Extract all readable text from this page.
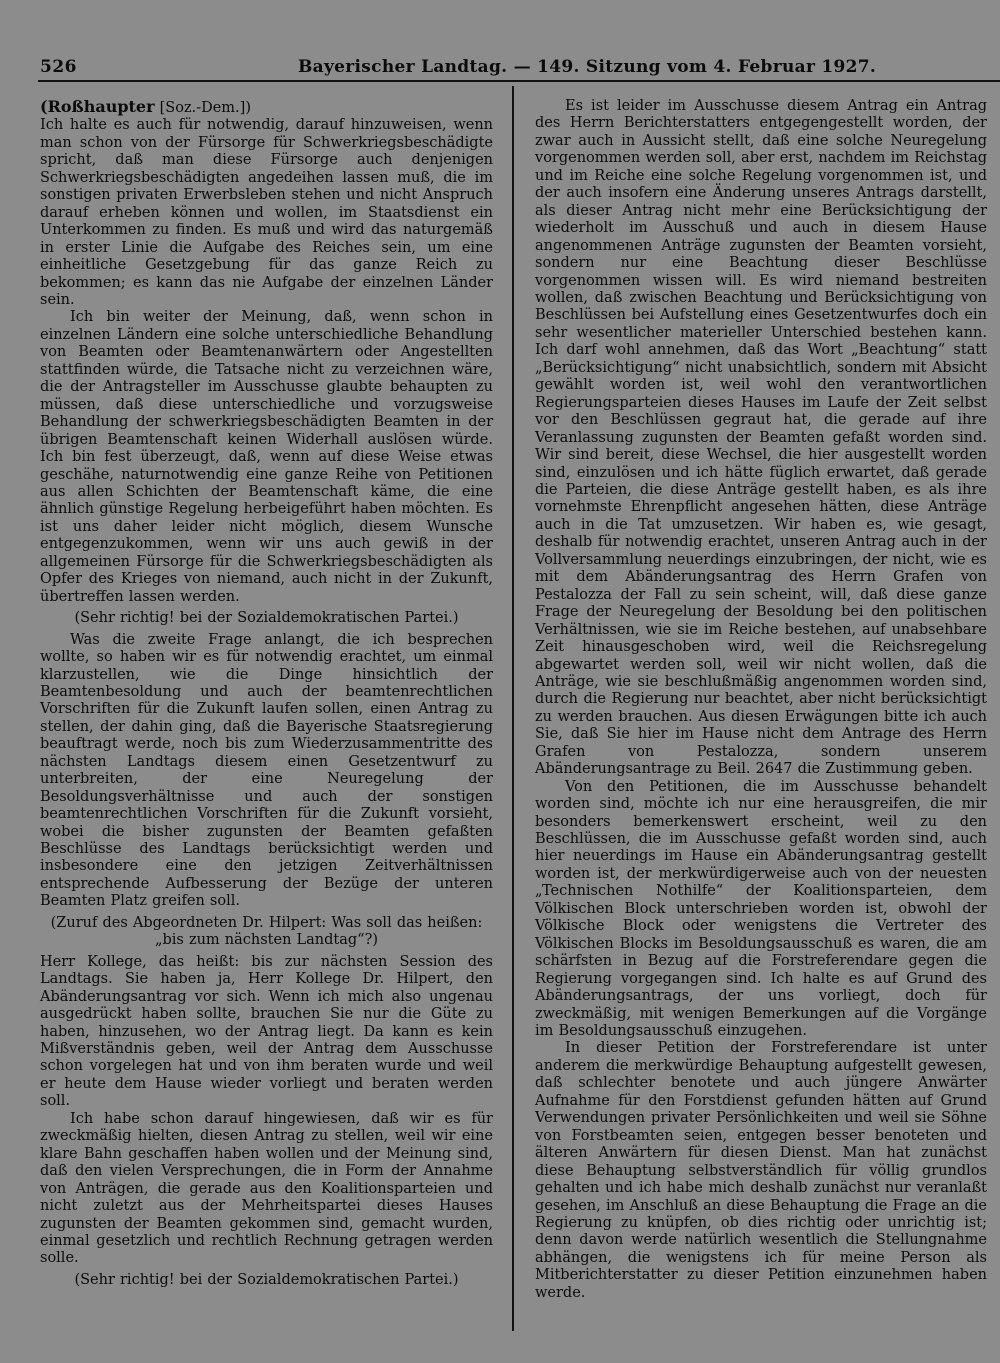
526	Bayerischer Landtag. — 149. Sitzung vom 4. Februar 1927.

(Roßhaupter [Soz.-Dem.])

Ich halte es auch für notwendig, darauf hinzuweisen, wenn man schon von der Fürsorge für Schwerkriegsbeschädigte spricht, daß man diese Fürsorge auch denjenigen Schwerkriegsbeschädigten angedeihen lassen muß, die im sonstigen privaten Erwerbsleben stehen und nicht Anspruch darauf erheben können und wollen, im Staatsdienst ein Unterkommen zu finden. Es muß und wird das naturgemäß in erster Linie die Aufgabe des Reiches sein, um eine einheitliche Gesetzgebung für das ganze Reich zu bekommen; es kann das nie Aufgabe der einzelnen Länder sein.

Ich bin weiter der Meinung, daß, wenn schon in einzelnen Ländern eine solche unterschiedliche Behandlung von Beamten oder Beamtenanwärtern oder Angestellten stattfinden würde, die Tatsache nicht zu verzeichnen wäre, die der Antragsteller im Ausschusse glaubte behaupten zu müssen, daß diese unterschiedliche und vorzugsweise Behandlung der schwerkriegsbeschädigten Beamten in der übrigen Beamtenschaft keinen Widerhall auslösen würde. Ich bin fest überzeugt, daß, wenn auf diese Weise etwas geschähe, naturnotwendig eine ganze Reihe von Petitionen aus allen Schichten der Beamtenschaft käme, die eine ähnlich günstige Regelung herbeigeführt haben möchten. Es ist uns daher leider nicht möglich, diesem Wunsche entgegenzukommen, wenn wir uns auch gewiß in der allgemeinen Fürsorge für die Schwerkriegsbeschädigten als Opfer des Krieges von niemand, auch nicht in der Zukunft, übertreffen lassen werden.

(Sehr richtig! bei der Sozialdemokratischen Partei.)

Was die zweite Frage anlangt, die ich besprechen wollte, so haben wir es für notwendig erachtet, um einmal klarzustellen, wie die Dinge hinsichtlich der Beamtenbesoldung und auch der beamtenrechtlichen Vorschriften für die Zukunft laufen sollen, einen Antrag zu stellen, der dahin ging, daß die Bayerische Staatsregierung beauftragt werde, noch bis zum Wiederzusammentritte des nächsten Landtags diesem einen Gesetzentwurf zu unterbreiten, der eine Neuregelung der Besoldungsverhältnisse und auch der sonstigen beamtenrechtlichen Vorschriften für die Zukunft vorsieht, wobei die bisher zugunsten der Beamten gefaßten Beschlüsse des Landtags berücksichtigt werden und insbesondere eine den jetzigen Zeitverhältnissen entsprechende Aufbesserung der Bezüge der unteren Beamten Platz greifen soll.

(Zuruf des Abgeordneten Dr. Hilpert: Was soll das heißen: „bis zum nächsten Landtag“?)

Herr Kollege, das heißt: bis zur nächsten Session des Landtags. Sie haben ja, Herr Kollege Dr. Hilpert, den Abänderungsantrag vor sich. Wenn ich mich also ungenau ausgedrückt haben sollte, brauchen Sie nur die Güte zu haben, hinzusehen, wo der Antrag liegt. Da kann es kein Mißverständnis geben, weil der Antrag dem Ausschusse schon vorgelegen hat und von ihm beraten wurde und weil er heute dem Hause wieder vorliegt und beraten werden soll.

Ich habe schon darauf hingewiesen, daß wir es für zweckmäßig hielten, diesen Antrag zu stellen, weil wir eine klare Bahn geschaffen haben wollen und der Meinung sind, daß den vielen Versprechungen, die in Form der Annahme von Anträgen, die gerade aus den Koalitionsparteien und nicht zuletzt aus der Mehrheitspartei dieses Hauses zugunsten der Beamten gekommen sind, gemacht wurden, einmal gesetzlich und rechtlich Rechnung getragen werden solle.

(Sehr richtig! bei der Sozialdemokratischen Partei.)

Es ist leider im Ausschusse diesem Antrag ein Antrag des Herrn Berichterstatters entgegengestellt worden, der zwar auch in Aussicht stellt, daß eine solche Neuregelung vorgenommen werden soll, aber erst, nachdem im Reichstag und im Reiche eine solche Regelung vorgenommen ist, und der auch insofern eine Änderung unseres Antrags darstellt, als dieser Antrag nicht mehr eine Berücksichtigung der wiederholt im Ausschuß und auch in diesem Hause angenommenen Anträge zugunsten der Beamten vorsieht, sondern nur eine Beachtung dieser Beschlüsse vorgenommen wissen will. Es wird niemand bestreiten wollen, daß zwischen Beachtung und Berücksichtigung von Beschlüssen bei Aufstellung eines Gesetzentwurfes doch ein sehr wesentlicher materieller Unterschied bestehen kann. Ich darf wohl annehmen, daß das Wort „Beachtung“ statt „Berücksichtigung“ nicht unabsichtlich, sondern mit Absicht gewählt worden ist, weil wohl den verantwortlichen Regierungsparteien dieses Hauses im Laufe der Zeit selbst vor den Beschlüssen gegraut hat, die gerade auf ihre Veranlassung zugunsten der Beamten gefaßt worden sind. Wir sind bereit, diese Wechsel, die hier ausgestellt worden sind, einzulösen und ich hätte füglich erwartet, daß gerade die Parteien, die diese Anträge gestellt haben, es als ihre vornehmste Ehrenpflicht angesehen hätten, diese Anträge auch in die Tat umzusetzen. Wir haben es, wie gesagt, deshalb für notwendig erachtet, unseren Antrag auch in der Vollversammlung neuerdings einzubringen, der nicht, wie es mit dem Abänderungsantrag des Herrn Grafen von Pestalozza der Fall zu sein scheint, will, daß diese ganze Frage der Neuregelung der Besoldung bei den politischen Verhältnissen, wie sie im Reiche bestehen, auf unabsehbare Zeit hinausgeschoben wird, weil die Reichsregelung abgewartet werden soll, weil wir nicht wollen, daß die Anträge, wie sie beschlußmäßig angenommen worden sind, durch die Regierung nur beachtet, aber nicht berücksichtigt zu werden brauchen. Aus diesen Erwägungen bitte ich auch Sie, daß Sie hier im Hause nicht dem Antrage des Herrn Grafen von Pestalozza, sondern unserem Abänderungsantrage zu Beil. 2647 die Zustimmung geben.

Von den Petitionen, die im Ausschusse behandelt worden sind, möchte ich nur eine herausgreifen, die mir besonders bemerkenswert erscheint, weil zu den Beschlüssen, die im Ausschusse gefaßt worden sind, auch hier neuerdings im Hause ein Abänderungsantrag gestellt worden ist, der merkwürdigerweise auch von der neuesten „Technischen Nothilfe“ der Koalitionsparteien, dem Völkischen Block unterschrieben worden ist, obwohl der Völkische Block oder wenigstens die Vertreter des Völkischen Blocks im Besoldungsausschuß es waren, die am schärfsten in Bezug auf die Forstreferendare gegen die Regierung vorgegangen sind. Ich halte es auf Grund des Abänderungsantrags, der uns vorliegt, doch für zweckmäßig, mit wenigen Bemerkungen auf die Vorgänge im Besoldungsausschuß einzugehen.

In dieser Petition der Forstreferendare ist unter anderem die merkwürdige Behauptung aufgestellt gewesen, daß schlechter benotete und auch jüngere Anwärter Aufnahme für den Forstdienst gefunden hätten auf Grund Verwendungen privater Persönlichkeiten und weil sie Söhne von Forstbeamten seien, entgegen besser benoteten und älteren Anwärtern für diesen Dienst. Man hat zunächst diese Behauptung selbstverständlich für völlig grundlos gehalten und ich habe mich deshalb zunächst nur veranlaßt gesehen, im Anschluß an diese Behauptung die Frage an die Regierung zu knüpfen, ob dies richtig oder unrichtig ist; denn davon werde natürlich wesentlich die Stellungnahme abhängen, die wenigstens ich für meine Person als Mitberichterstatter zu dieser Petition einzunehmen haben werde.
